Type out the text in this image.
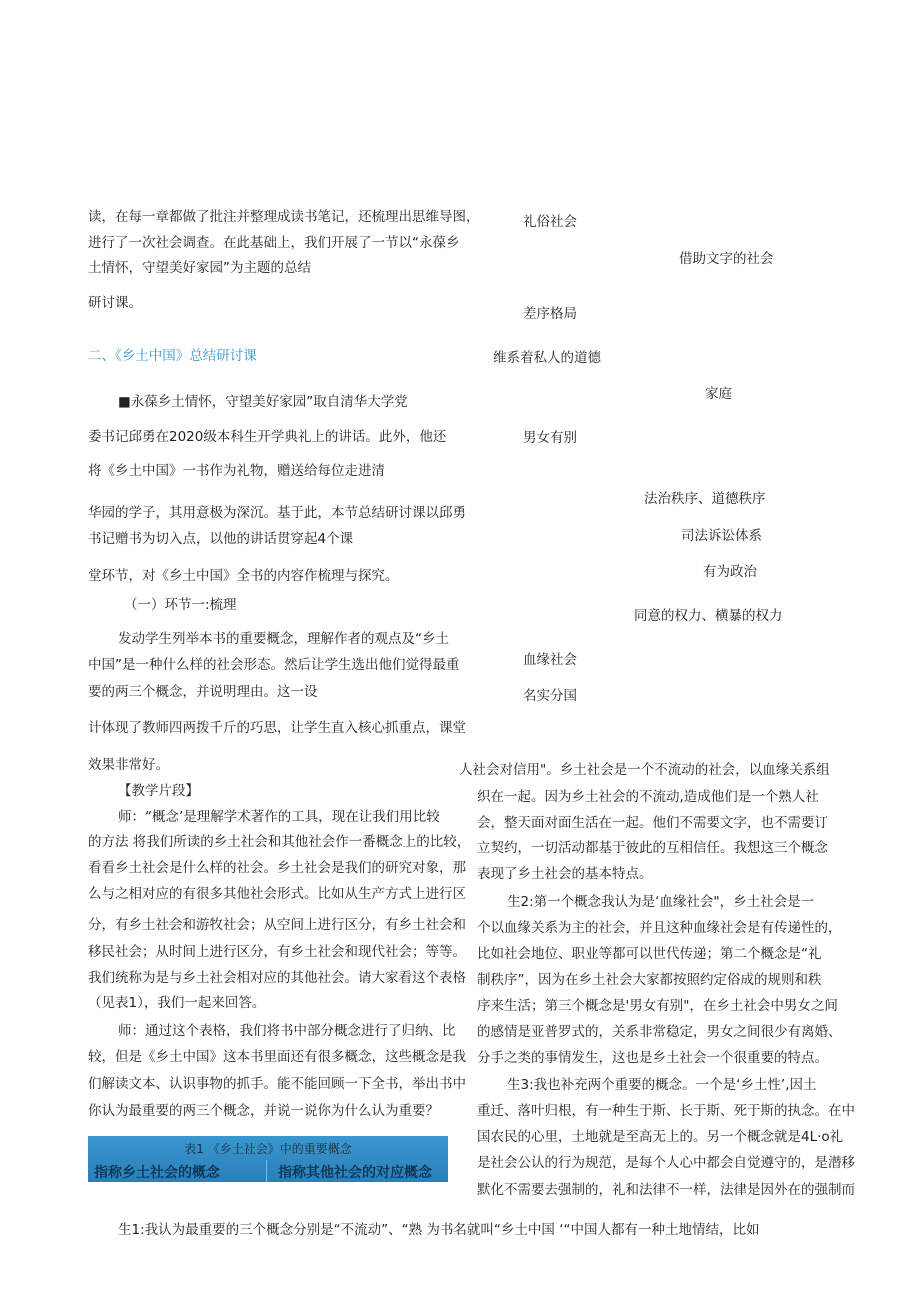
读，在每一章都做了批注并整理成读书笔记，还梳理出思维导图，
进行了一次社会调查。在此基础上，我们开展了一节以“永葆乡
土情怀，守望美好家园”为主题的总结
研讨课。
二、《乡土中国》总结研讨课
■永葆乡土情怀，守望美好家园”取自清华大学党
委书记邱勇在2020级本科生开学典礼上的讲话。此外，他还
将《乡土中国》一书作为礼物，赠送给每位走进清
华园的学子，其用意极为深沉。基于此，本节总结研讨课以邱勇
书记赠书为切入点，以他的讲话贯穿起4个课
堂环节，对《乡土中国》全书的内容作梳理与探究。
（一）环节一:梳理
发动学生列举本书的重要概念，理解作者的观点及“乡土
中国”是一种什么样的社会形态。然后让学生选出他们觉得最重
要的两三个概念，并说明理由。这一设
计体现了教师四两拨千斤的巧思，让学生直入核心抓重点，课堂
效果非常好。
【教学片段】
师：“概念’是理解学术著作的工具，现在让我们用比较
的方法 将我们所读的乡土社会和其他社会作一番概念上的比较，
看看乡土社会是什么样的社会。乡土社会是我们的研究对象，那
么与之相对应的有很多其他社会形式。比如从生产方式上进行区
分，有乡土社会和游牧社会；从空间上进行区分，有乡土社会和
移民社会；从时间上进行区分，有乡土社会和现代社会；等等。
我们统称为是与乡土社会相对应的其他社会。请大家看这个表格
（见表1），我们一起来回答。
师：通过这个表格，我们将书中部分概念进行了归纳、比
较，但是《乡土中国》这本书里面还有很多概念，这些概念是我
们解读文本、认识事物的抓手。能不能回顾一下全书，举出书中
你认为最重要的两三个概念，并说一说你为什么认为重要？
表1 《乡土社会》中的重要概念
指称乡土社会的概念	指称其他社会的对应概念
礼俗社会
借助文字的社会
差序格局
维系着私人的道德
家庭
男女有别
法治秩序、道德秩序
司法诉讼体系
有为政治
同意的权力、横暴的权力
血缘社会
名实分国
人社会对信用"。乡土社会是一个不流动的社会，以血缘关系组
织在一起。因为乡土社会的不流动,造成他们是一个熟人社
会，整天面对面生活在一起。他们不需要文字，也不需要订
立契约，一切活动都基于彼此的互相信任。我想这三个概念
表现了乡土社会的基本特点。
生2:第一个概念我认为是‘血缘社会"，乡土社会是一
个以血缘关系为主的社会，并且这种血缘社会是有传递性的，
比如社会地位、职业等都可以世代传递；第二个概念是“礼
制秩序”，因为在乡土社会大家都按照约定俗成的规则和秩
序来生活；第三个概念是'男女有别"，在乡土社会中男女之间
的感情是亚普罗式的，关系非常稳定，男女之间很少有离婚、
分手之类的事情发生，这也是乡土社会一个很重要的特点。
生3:我也补充两个重要的概念。一个是‘乡土性’,因土
重迁、落叶归根，有一种生于斯、长于斯、死于斯的执念。在中
国农民的心里，土地就是至高无上的。另一个概念就是4L·o礼
是社会公认的行为规范，是每个人心中都会自觉遵守的，是潜移
默化不需要去强制的，礼和法律不一样，法律是因外在的强制而
生1:我认为最重要的三个概念分别是“不流动”、“熟 为书名就叫“乡土中国 ‘“中国人都有一种土地情结，比如
